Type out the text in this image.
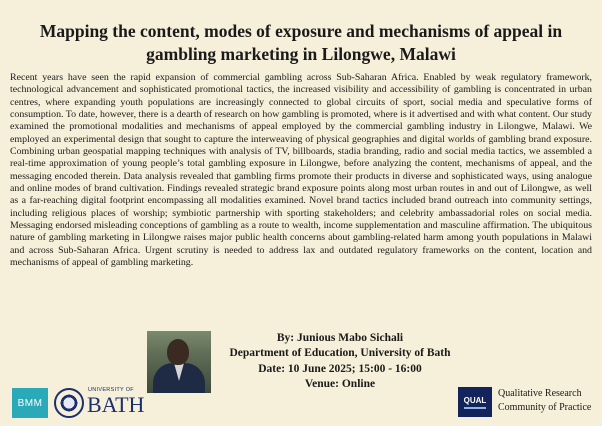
Mapping the content, modes of exposure and mechanisms of appeal in gambling marketing in Lilongwe, Malawi
Recent years have seen the rapid expansion of commercial gambling across Sub-Saharan Africa. Enabled by weak regulatory framework, technological advancement and sophisticated promotional tactics, the increased visibility and accessibility of gambling is concentrated in urban centres, where expanding youth populations are increasingly connected to global circuits of sport, social media and speculative forms of consumption. To date, however, there is a dearth of research on how gambling is promoted, where is it advertised and with what content. Our study examined the promotional modalities and mechanisms of appeal employed by the commercial gambling industry in Lilongwe, Malawi. We employed an experimental design that sought to capture the interweaving of physical geographies and digital worlds of gambling brand exposure. Combining urban geospatial mapping techniques with analysis of TV, billboards, stadia branding, radio and social media tactics, we assembled a real-time approximation of young people’s total gambling exposure in Lilongwe, before analyzing the content, mechanisms of appeal, and the messaging encoded therein. Data analysis revealed that gambling firms promote their products in diverse and sophisticated ways, using analogue and online modes of brand cultivation. Findings revealed strategic brand exposure points along most urban routes in and out of Lilongwe, as well as a far-reaching digital footprint encompassing all modalities examined. Novel brand tactics included brand outreach into community settings, including religious places of worship; symbiotic partnership with sporting stakeholders; and celebrity ambassadorial roles on social media. Messaging endorsed misleading conceptions of gambling as a route to wealth, income supplementation and masculine affirmation. The ubiquitous nature of gambling marketing in Lilongwe raises major public health concerns about gambling-related harm among youth populations in Malawi and across Sub-Saharan Africa. Urgent scrutiny is needed to address lax and outdated regulatory frameworks on the content, location and mechanisms of appeal of gambling marketing.
By: Junious Mabo Sichali
Department of Education, University of Bath
Date: 10 June 2025; 15:00 - 16:00
Venue: Online
BMM
UNIVERSITY OF
BATH	QUAL
Qualitative Research
Community of Practice
